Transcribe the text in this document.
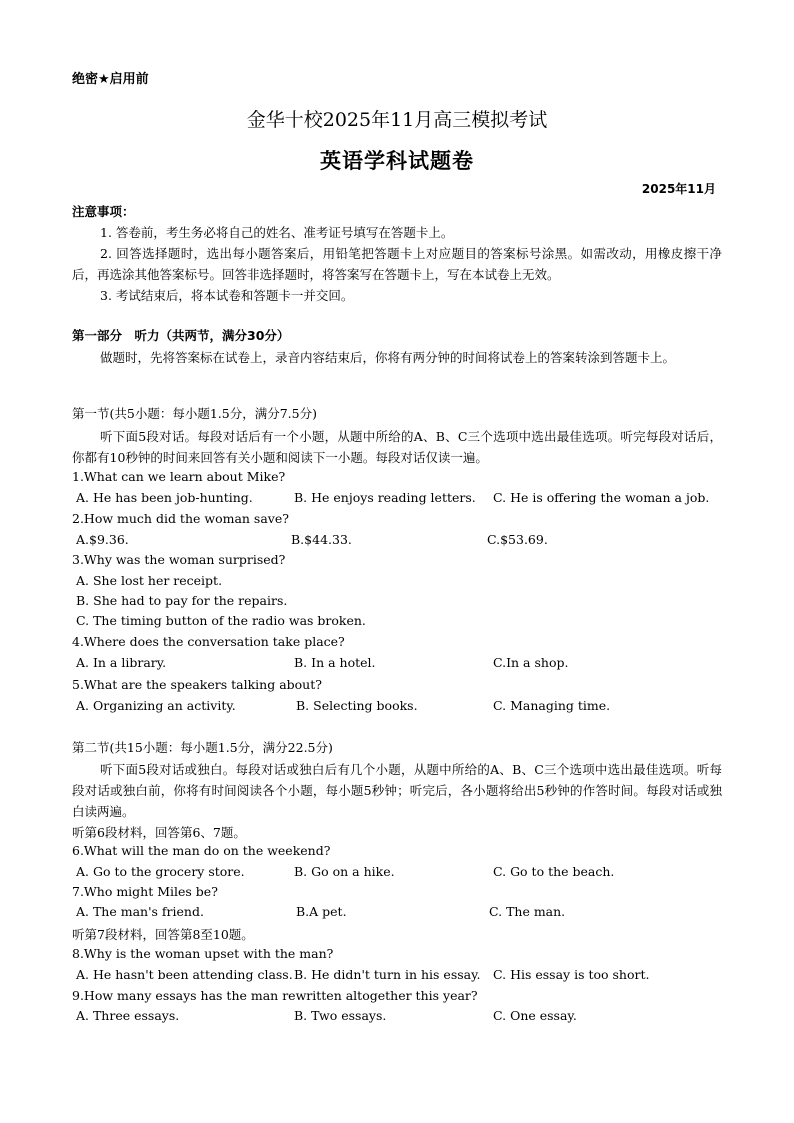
绝密★启用前
金华十校2025年11月高三模拟考试
英语学科试题卷
2025年11月
注意事项：
1. 答卷前，考生务必将自己的姓名、准考证号填写在答题卡上。
2. 回答选择题时，选出每小题答案后，用铅笔把答题卡上对应题目的答案标号涂黑。如需改动，用橡皮擦干净后，再选涂其他答案标号。回答非选择题时，将答案写在答题卡上，写在本试卷上无效。
3. 考试结束后，将本试卷和答题卡一并交回。
第一部分　听力（共两节，满分30分）
做题时，先将答案标在试卷上，录音内容结束后，你将有两分钟的时间将试卷上的答案转涂到答题卡上。
第一节(共5小题：每小题1.5分，满分7.5分)
听下面5段对话。每段对话后有一个小题，从题中所给的A、B、C三个选项中选出最佳选项。听完每段对话后，你都有10秒钟的时间来回答有关小题和阅读下一小题。每段对话仅读一遍。
1.What can we learn about Mike?
A. He has been job-hunting.	B. He enjoys reading letters. C. He is offering the woman a job.
2.How much did the woman save?
A.$9.36.	B.$44.33.	C.$53.69.
3.Why was the woman surprised?
A. She lost her receipt.
B. She had to pay for the repairs.
C. The timing button of the radio was broken.
4.Where does the conversation take place?
A. In a library.	B. In a hotel.	C.In a shop.
5.What are the speakers talking about?
A. Organizing an activity.	B. Selecting books.	C. Managing time.
第二节(共15小题：每小题1.5分，满分22.5分)
听下面5段对话或独白。每段对话或独白后有几个小题，从题中所给的A、B、C三个选项中选出最佳选项。听每段对话或独白前，你将有时间阅读各个小题，每小题5秒钟；听完后，各小题将给出5秒钟的作答时间。每段对话或独白读两遍。
听第6段材料，回答第6、7题。
6.What will the man do on the weekend?
A. Go to the grocery store.	B. Go on a hike.	C. Go to the beach.
7.Who might Miles be?
A. The man's friend.	B.A pet.	C. The man.
听第7段材料，回答第8至10题。
8.Why is the woman upset with the man?
A. He hasn't been attending class. B. He didn't turn in his essay. C. His essay is too short.
9.How many essays has the man rewritten altogether this year?
A. Three essays.	B. Two essays.	C. One essay.
